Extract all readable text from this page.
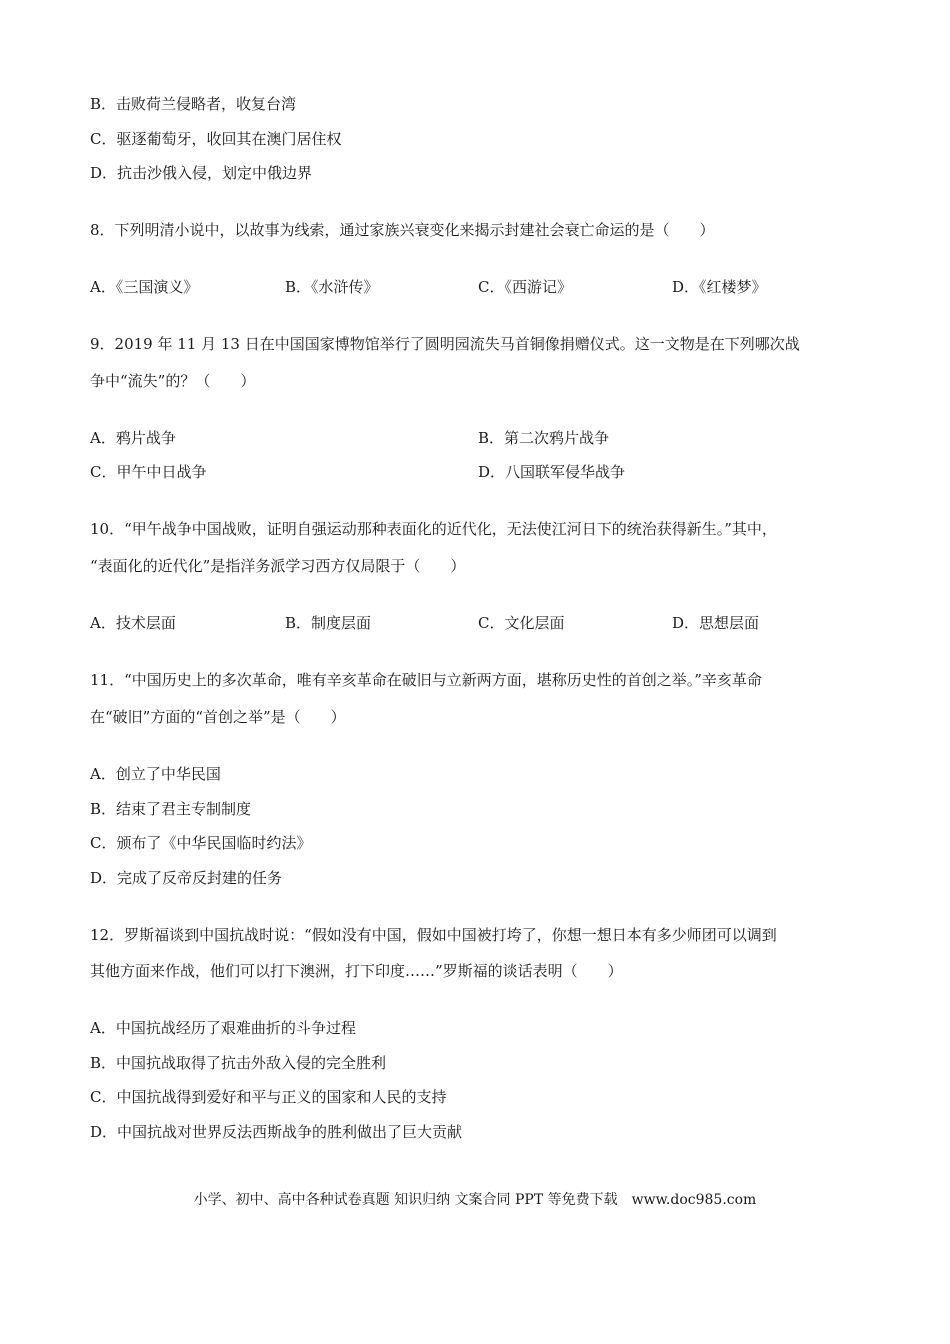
B．击败荷兰侵略者，收复台湾
C．驱逐葡萄牙，收回其在澳门居住权
D．抗击沙俄入侵，划定中俄边界
8．下列明清小说中，以故事为线索，通过家族兴衰变化来揭示封建社会衰亡命运的是（　　）
A．《三国演义》	B．《水浒传》	C．《西游记》	D．《红楼梦》
9．2019 年 11 月 13 日在中国国家博物馆举行了圆明园流失马首铜像捐赠仪式。这一文物是在下列哪次战
争中“流失”的？（　　）
A．鸦片战争	B．第二次鸦片战争
C．甲午中日战争	D．八国联军侵华战争
10．“甲午战争中国战败，证明自强运动那种表面化的近代化，无法使江河日下的统治获得新生。”其中，
“表面化的近代化”是指洋务派学习西方仅局限于（　　）
A．技术层面	B．制度层面	C．文化层面	D．思想层面
11．“中国历史上的多次革命，唯有辛亥革命在破旧与立新两方面，堪称历史性的首创之举。”辛亥革命
在“破旧”方面的“首创之举”是（　　）
A．创立了中华民国
B．结束了君主专制制度
C．颁布了《中华民国临时约法》
D．完成了反帝反封建的任务
12．罗斯福谈到中国抗战时说：“假如没有中国，假如中国被打垮了，你想一想日本有多少师团可以调到
其他方面来作战，他们可以打下澳洲，打下印度……”罗斯福的谈话表明（　　）
A．中国抗战经历了艰难曲折的斗争过程
B．中国抗战取得了抗击外敌入侵的完全胜利
C．中国抗战得到爱好和平与正义的国家和人民的支持
D．中国抗战对世界反法西斯战争的胜利做出了巨大贡献
小学、初中、高中各种试卷真题 知识归纳 文案合同 PPT 等免费下载　www.doc985.com
